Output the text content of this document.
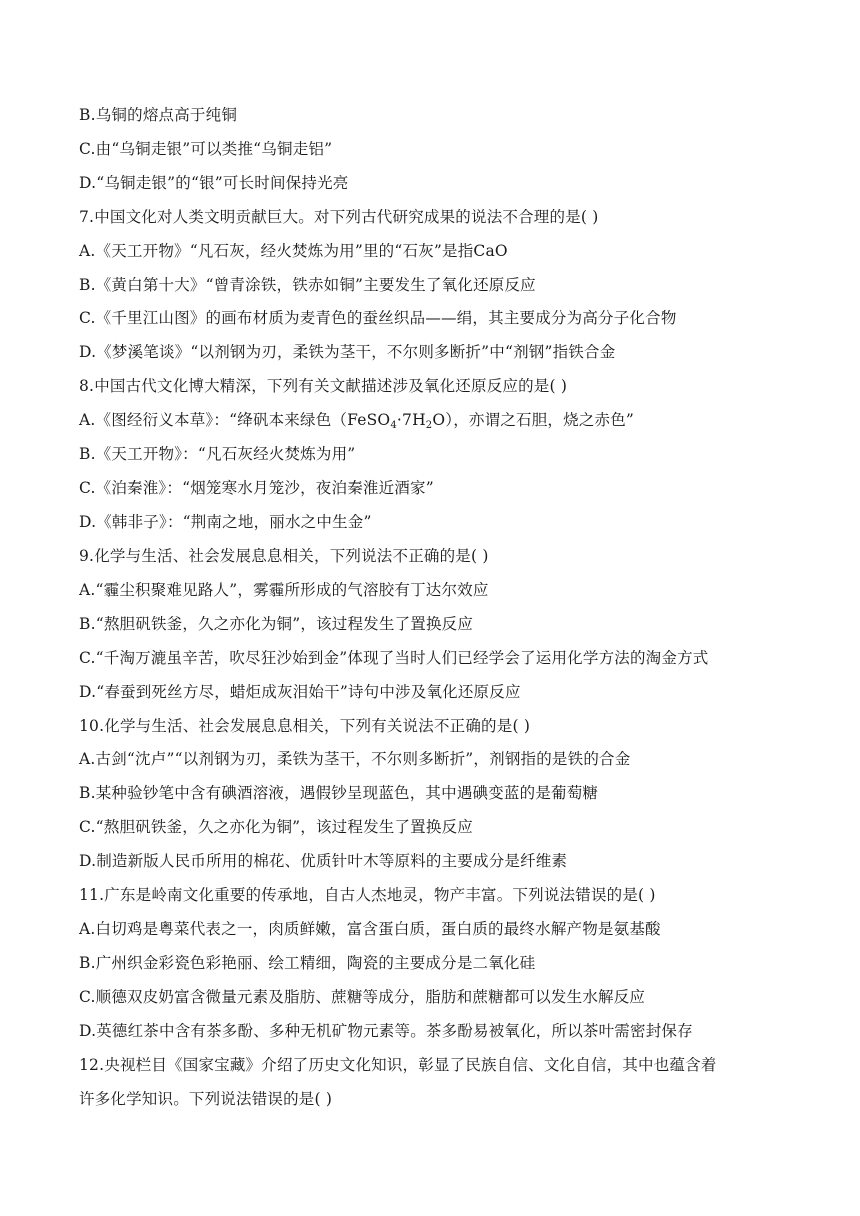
B.乌铜的熔点高于纯铜
C.由“乌铜走银”可以类推“乌铜走铝”
D.“乌铜走银”的“银”可长时间保持光亮
7.中国文化对人类文明贡献巨大。对下列古代研究成果的说法不合理的是( )
A.《天工开物》“凡石灰，经火焚炼为用”里的“石灰”是指CaO
B.《黄白第十大》“曾青涂铁，铁赤如铜”主要发生了氧化还原反应
C.《千里江山图》的画布材质为麦青色的蚕丝织品——绢，其主要成分为高分子化合物
D.《梦溪笔谈》“以剂钢为刃，柔铁为茎干，不尔则多断折”中“剂钢”指铁合金
8.中国古代文化博大精深，下列有关文献描述涉及氧化还原反应的是( )
A.《图经衍义本草》：“绛矾本来绿色$(FeSO_4\cdot 7H_2O)$，亦谓之石胆，烧之赤色”
B.《天工开物》：“凡石灰经火焚炼为用”
C.《泊秦淮》：“烟笼寒水月笼沙，夜泊秦淮近酒家”
D.《韩非子》：“荆南之地，丽水之中生金”
9.化学与生活、社会发展息息相关，下列说法不正确的是( )
A.“霾尘积聚难见路人”，雾霾所形成的气溶胶有丁达尔效应
B.“熬胆矾铁釜，久之亦化为铜”，该过程发生了置换反应
C.“千淘万漉虽辛苦，吹尽狂沙始到金”体现了当时人们已经学会了运用化学方法的淘金方式
D.“春蚕到死丝方尽，蜡炬成灰泪始干”诗句中涉及氧化还原反应
10.化学与生活、社会发展息息相关，下列有关说法不正确的是( )
A.古剑“沈卢”“以剂钢为刃，柔铁为茎干，不尔则多断折”，剂钢指的是铁的合金
B.某种验钞笔中含有碘酒溶液，遇假钞呈现蓝色，其中遇碘变蓝的是葡萄糖
C.“熬胆矾铁釜，久之亦化为铜”，该过程发生了置换反应
D.制造新版人民币所用的棉花、优质针叶木等原料的主要成分是纤维素
11.广东是岭南文化重要的传承地，自古人杰地灵，物产丰富。下列说法错误的是( )
A.白切鸡是粤菜代表之一，肉质鲜嫩，富含蛋白质，蛋白质的最终水解产物是氨基酸
B.广州织金彩瓷色彩艳丽、绘工精细，陶瓷的主要成分是二氧化硅
C.顺德双皮奶富含微量元素及脂肪、蔗糖等成分，脂肪和蔗糖都可以发生水解反应
D.英德红茶中含有茶多酚、多种无机矿物元素等。茶多酚易被氧化，所以茶叶需密封保存
12.央视栏目《国家宝藏》介绍了历史文化知识，彰显了民族自信、文化自信，其中也蕴含着
许多化学知识。下列说法错误的是( )
